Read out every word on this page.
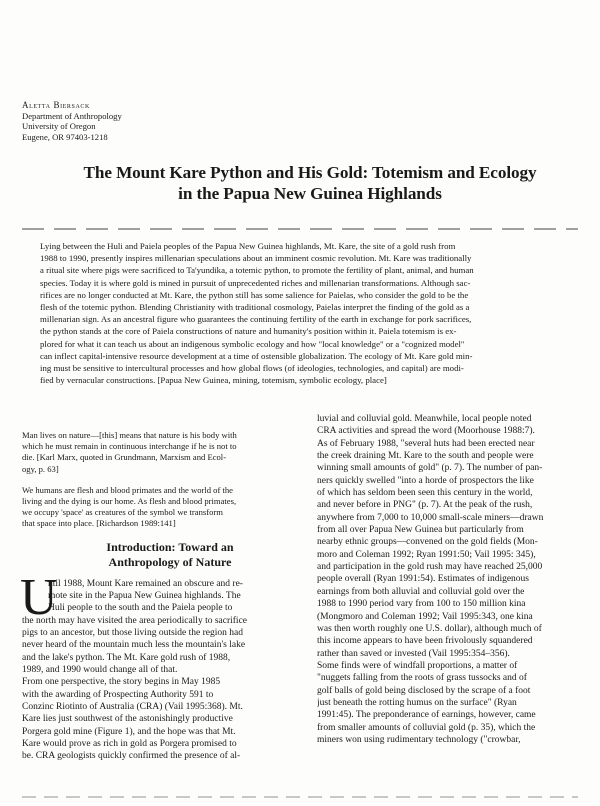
Aletta Biersack
Department of Anthropology
University of Oregon
Eugene, OR 97403-1218
The Mount Kare Python and His Gold: Totemism and Ecology
in the Papua New Guinea Highlands
Lying between the Huli and Paiela peoples of the Papua New Guinea highlands, Mt. Kare, the site of a gold rush from
1988 to 1990, presently inspires millenarian speculations about an imminent cosmic revolution. Mt. Kare was traditionally
a ritual site where pigs were sacrificed to Ta'yundika, a totemic python, to promote the fertility of plant, animal, and human
species. Today it is where gold is mined in pursuit of unprecedented riches and millenarian transformations. Although sac-
rifices are no longer conducted at Mt. Kare, the python still has some salience for Paielas, who consider the gold to be the
flesh of the totemic python. Blending Christianity with traditional cosmology, Paielas interpret the finding of the gold as a
millenarian sign. As an ancestral figure who guarantees the continuing fertility of the earth in exchange for pork sacrifices,
the python stands at the core of Paiela constructions of nature and humanity's position within it. Paiela totemism is ex-
plored for what it can teach us about an indigenous symbolic ecology and how "local knowledge" or a "cognized model"
can inflect capital-intensive resource development at a time of ostensible globalization. The ecology of Mt. Kare gold min-
ing must be sensitive to intercultural processes and how global flows (of ideologies, technologies, and capital) are modi-
fied by vernacular constructions. [Papua New Guinea, mining, totemism, symbolic ecology, place]
Man lives on nature—[this] means that nature is his body with
which he must remain in continuous interchange if he is not to
die. [Karl Marx, quoted in Grundmann, Marxism and Ecol-
ogy, p. 63]
We humans are flesh and blood primates and the world of the
living and the dying is our home. As flesh and blood primates,
we occupy 'space' as creatures of the symbol we transform
that space into place. [Richardson 1989:141]
Introduction: Toward an
Anthropology of Nature
U
ntil 1988, Mount Kare remained an obscure and re-
mote site in the Papua New Guinea highlands. The
Huli people to the south and the Paiela people to
the north may have visited the area periodically to sacrifice
pigs to an ancestor, but those living outside the region had
never heard of the mountain much less the mountain's lake
and the lake's python. The Mt. Kare gold rush of 1988,
1989, and 1990 would change all of that.
From one perspective, the story begins in May 1985
with the awarding of Prospecting Authority 591 to
Conzinc Riotinto of Australia (CRA) (Vail 1995:368). Mt.
Kare lies just southwest of the astonishingly productive
Porgera gold mine (Figure 1), and the hope was that Mt.
Kare would prove as rich in gold as Porgera promised to
be. CRA geologists quickly confirmed the presence of al-
luvial and colluvial gold. Meanwhile, local people noted
CRA activities and spread the word (Moorhouse 1988:7).
As of February 1988, "several huts had been erected near
the creek draining Mt. Kare to the south and people were
winning small amounts of gold" (p. 7). The number of pan-
ners quickly swelled "into a horde of prospectors the like
of which has seldom been seen this century in the world,
and never before in PNG" (p. 7). At the peak of the rush,
anywhere from 7,000 to 10,000 small-scale miners—drawn
from all over Papua New Guinea but particularly from
nearby ethnic groups—convened on the gold fields (Mon-
moro and Coleman 1992; Ryan 1991:50; Vail 1995: 345),
and participation in the gold rush may have reached 25,000
people overall (Ryan 1991:54). Estimates of indigenous
earnings from both alluvial and colluvial gold over the
1988 to 1990 period vary from 100 to 150 million kina
(Mongmoro and Coleman 1992; Vail 1995:343, one kina
was then worth roughly one U.S. dollar), although much of
this income appears to have been frivolously squandered
rather than saved or invested (Vail 1995:354–356).
Some finds were of windfall proportions, a matter of
"nuggets falling from the roots of grass tussocks and of
golf balls of gold being disclosed by the scrape of a foot
just beneath the rotting humus on the surface" (Ryan
1991:45). The preponderance of earnings, however, came
from smaller amounts of colluvial gold (p. 35), which the
miners won using rudimentary technology ("crowbar,
